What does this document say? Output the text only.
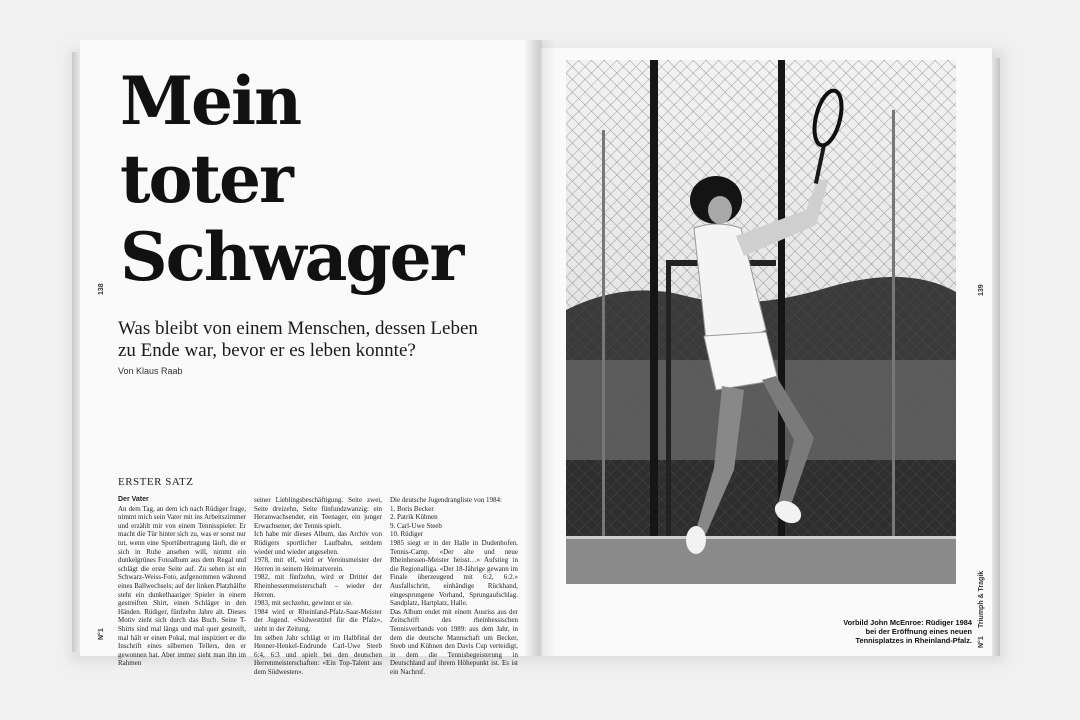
Mein
toter
Schwager
138

Was bleibt von einem Menschen, dessen Leben zu Ende war, bevor er es leben konnte?

Von Klaus Raab
ERSTER SATZ

Der Vater

An dem Tag, an dem ich nach Rüdiger frage, nimmt mich sein Vater mit ins Arbeitszimmer und erzählt mir von einem Tennisspieler. Er macht die Tür hinter sich zu, was er sonst nur tut, wenn eine Sportübertragung läuft, die er sich in Ruhe ansehen will, nimmt ein dunkelgrünes Fotoalbum aus dem Regal und schlägt die erste Seite auf. Zu sehen ist ein Schwarz-Weiss-Foto, aufgenommen während eines Ballwechsels; auf der linken Platzhälfte steht ein dunkelhaariger Spieler in einem gestreiften Shirt, einen Schläger in den Händen. Rüdiger, fünfzehn Jahre alt. Dieses Motiv zieht sich durch das Buch. Seine T-Shirts sind mal längs und mal quer gestreift, mal hält er einen Pokal, mal inspiziert er die Inschrift eines silbernen Tellers, den er gewonnen hat. Aber immer sieht man ihn im Rahmen

seiner Lieblingsbeschäftigung. Seite zwei, Seite dreizehn, Seite fünfundzwanzig: ein Heranwachsender, ein Teenager, ein junger Erwachsener, der Tennis spielt.

Ich habe mir dieses Album, das Archiv von Rüdigers sportlicher Laufbahn, seitdem wieder und wieder angesehen.

1978, mit elf, wird er Vereinsmeister der Herren in seinem Heimatverein.

1982, mit fünfzehn, wird er Dritter der Rheinhessenmeisterschaft – wieder der Herren.

1983, mit sechzehn, gewinnt er sie.

1984 wird er Rheinland-Pfalz-Saar-Meister der Jugend. «Südwesttitel für die Pfalz», steht in der Zeitung.

Im selben Jahr schlägt er im Halbfinal der Henner-Henkel-Endrunde Carl-Uwe Steeb 6:4, 6:3 und spielt bei den deutschen Herrenmeisterschaften: «Ein Top-Talent aus dem Südwesten».

Die deutsche Jugendranglistе von 1984:

1. Boris Becker

2. Patrik Kühnen

9. Carl-Uwe Steeb

10. Rüdiger

1985 siegt er in der Halle in Dudenhofen. Tennis-Camp. «Der alte und neue Rheinhessen-Meister heisst…» Aufstieg in die Regionalliga. «Der 18-Jährige gewann im Finale überzeugend mit 6:2, 6:2.» Ausfallschritt, einhändige Rückhand, eingesprungene Vorhand, Sprungaufschlag. Sandplatz, Hartplatz, Halle.

Das Album endet mit einem Ausriss aus der Zeitschrift des rheinhessischen Tennisverbands von 1989: aus dem Jahr, in dem die deutsche Mannschaft um Becker, Steeb und Kühnen den Davis Cup verteidigt, in dem die Tennisbegeisterung in Deutschland auf ihrem Höhepunkt ist. Es ist ein Nachruf.

N°1
139
Triumph & Tragik
N°1
Vorbild John McEnroe: Rüdiger 1984 bei der Eröffnung eines neuen Tennisplatzes in Rheinland-Pfalz.
